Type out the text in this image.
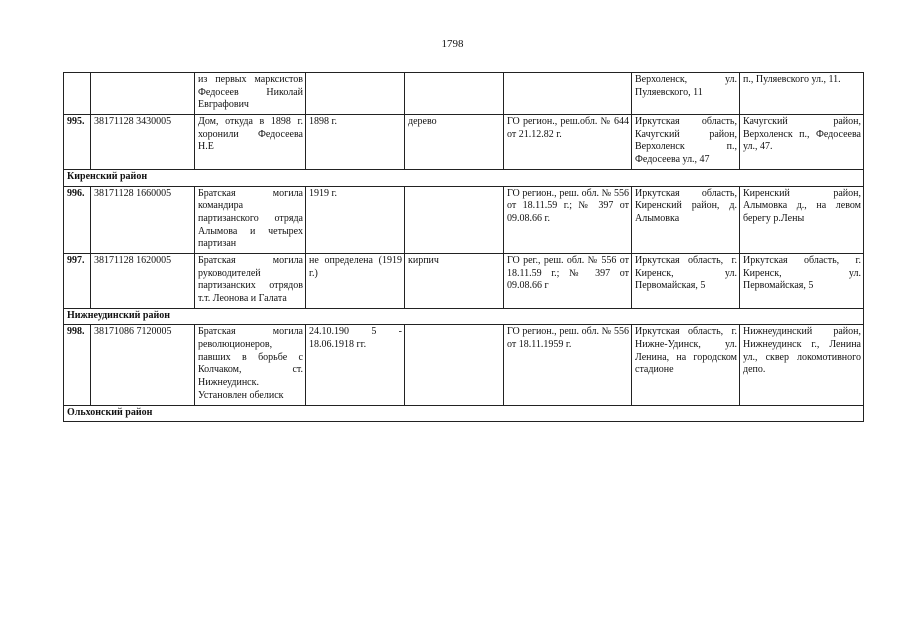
1798
		из первых марксистов Федосеев Николай Евграфович				Верхоленск, ул. Пуляевского, 11	п., Пуляевского ул., 11.
995.	38171128 3430005	Дом, откуда в 1898 г. хоронили Федосеева Н.Е	1898 г.	дерево	ГО регион., реш.обл. № 644 от 21.12.82 г.	Иркутская область, Качугский район, Верхоленск п., Федосеева ул., 47	Качугский район, Верхоленск п., Федосеева ул., 47.
Киренский район							
996.	38171128 1660005	Братская могила командира партизанского отряда Алымова и четырех партизан	1919 г.		ГО регион., реш. обл. № 556 от 18.11.59 г.; № 397 от 09.08.66 г.	Иркутская область, Киренский район, д. Алымовка	Киренский район, Алымовка д., на левом берегу р.Лены
997.	38171128 1620005	Братская могила руководителей партизанских отрядов т.т. Леонова и Галата	не определена (1919 г.)	кирпич	ГО рег., реш. обл. № 556 от 18.11.59 г.; № 397 от 09.08.66 г	Иркутская область, г. Киренск, ул. Первомайская, 5	Иркутская область, г. Киренск, ул. Первомайская, 5
Нижнеудинский район							
998.	38171086 7120005	Братская могила революционеров, павших в борьбе с Колчаком, ст. Нижнеудинск. Установлен обелиск	24.10.190 5 - 18.06.1918 гг.		ГО регион., реш. обл. № 556 от 18.11.1959 г.	Иркутская область, г. Нижне-Удинск, ул. Ленина, на городском стадионе	Нижнеудинский район, Нижнеудинск г., Ленина ул., сквер локомотивного депо.
Ольхонский район							
